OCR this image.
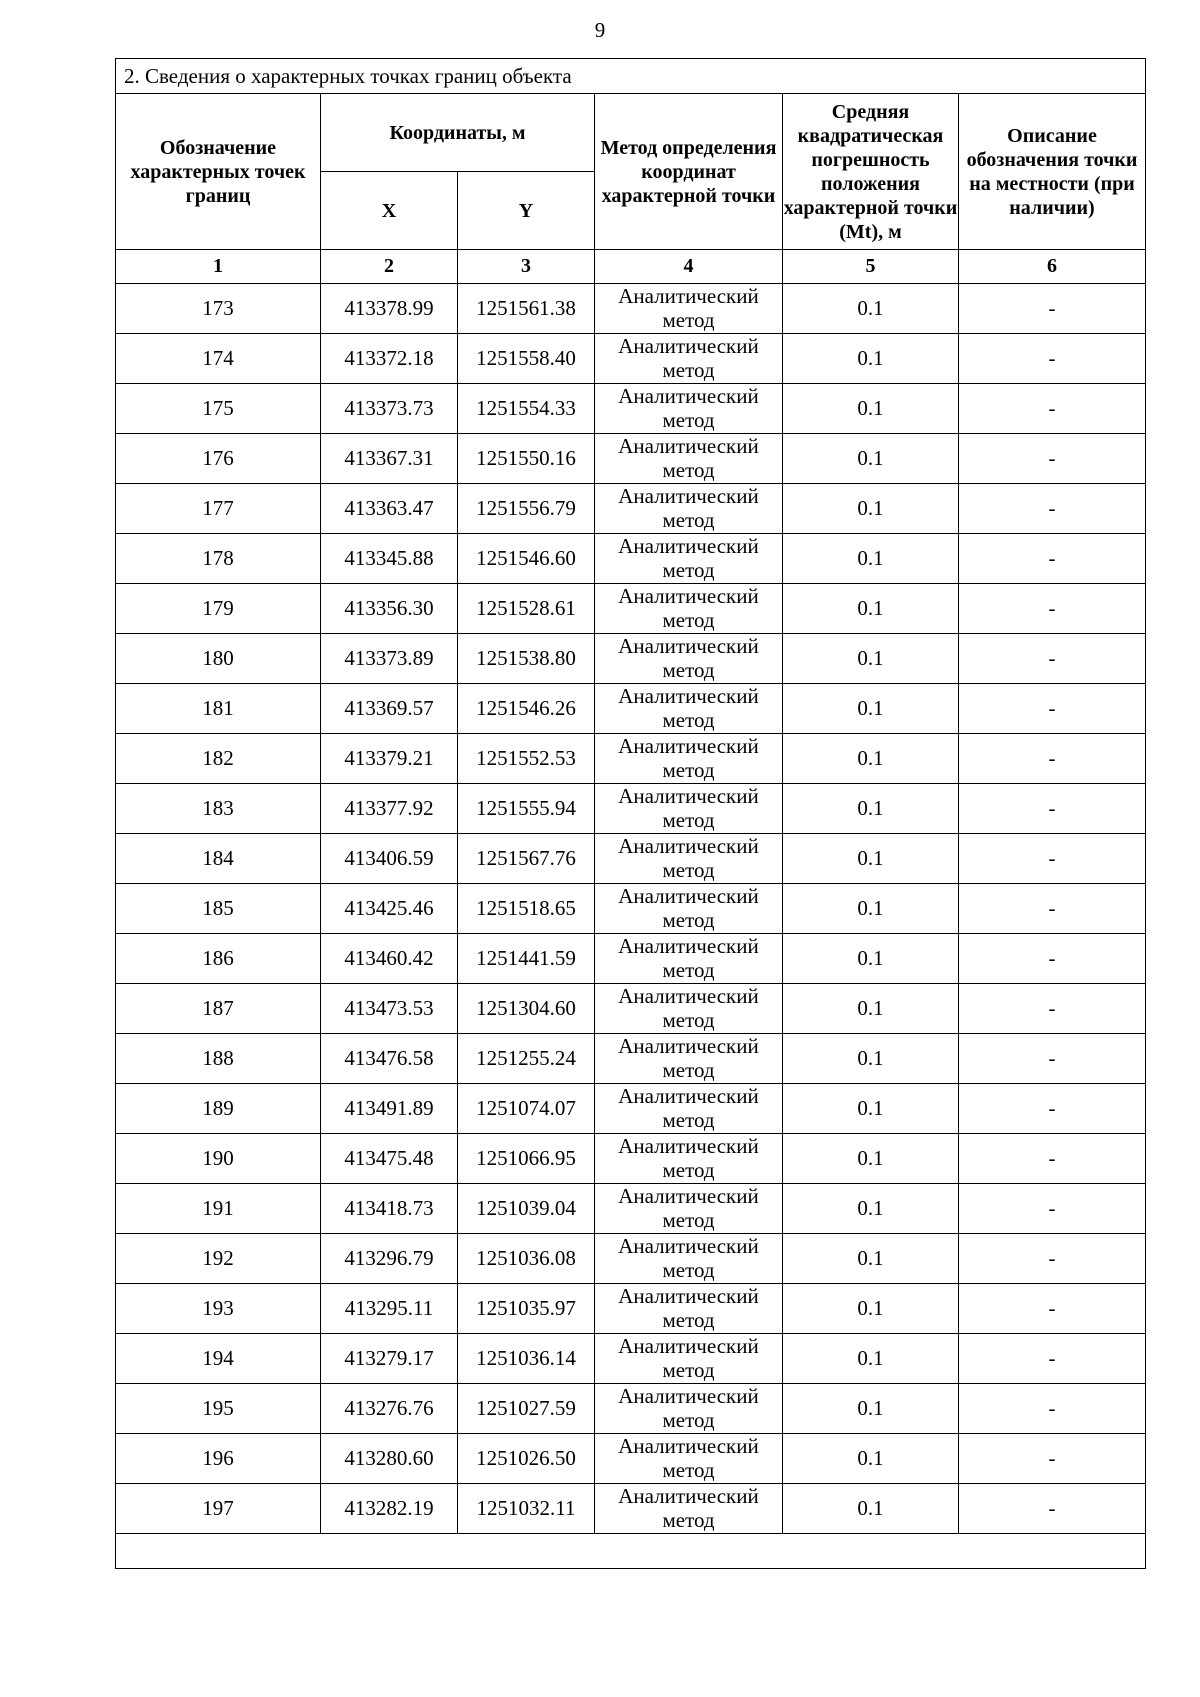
9
2. Сведения о характерных точках границ объекта					
Обозначение характерных точек границ	Координаты, м		Метод определения координат характерной точки	Средняя квадратическая погрешность положения характерной точки (Mt), м	Описание обозначения точки на местности (при наличии)
	X	Y			
1	2	3	4	5	6
173	413378.99	1251561.38	Аналитический метод	0.1	-
174	413372.18	1251558.40	Аналитический метод	0.1	-
175	413373.73	1251554.33	Аналитический метод	0.1	-
176	413367.31	1251550.16	Аналитический метод	0.1	-
177	413363.47	1251556.79	Аналитический метод	0.1	-
178	413345.88	1251546.60	Аналитический метод	0.1	-
179	413356.30	1251528.61	Аналитический метод	0.1	-
180	413373.89	1251538.80	Аналитический метод	0.1	-
181	413369.57	1251546.26	Аналитический метод	0.1	-
182	413379.21	1251552.53	Аналитический метод	0.1	-
183	413377.92	1251555.94	Аналитический метод	0.1	-
184	413406.59	1251567.76	Аналитический метод	0.1	-
185	413425.46	1251518.65	Аналитический метод	0.1	-
186	413460.42	1251441.59	Аналитический метод	0.1	-
187	413473.53	1251304.60	Аналитический метод	0.1	-
188	413476.58	1251255.24	Аналитический метод	0.1	-
189	413491.89	1251074.07	Аналитический метод	0.1	-
190	413475.48	1251066.95	Аналитический метод	0.1	-
191	413418.73	1251039.04	Аналитический метод	0.1	-
192	413296.79	1251036.08	Аналитический метод	0.1	-
193	413295.11	1251035.97	Аналитический метод	0.1	-
194	413279.17	1251036.14	Аналитический метод	0.1	-
195	413276.76	1251027.59	Аналитический метод	0.1	-
196	413280.60	1251026.50	Аналитический метод	0.1	-
197	413282.19	1251032.11	Аналитический метод	0.1	-
